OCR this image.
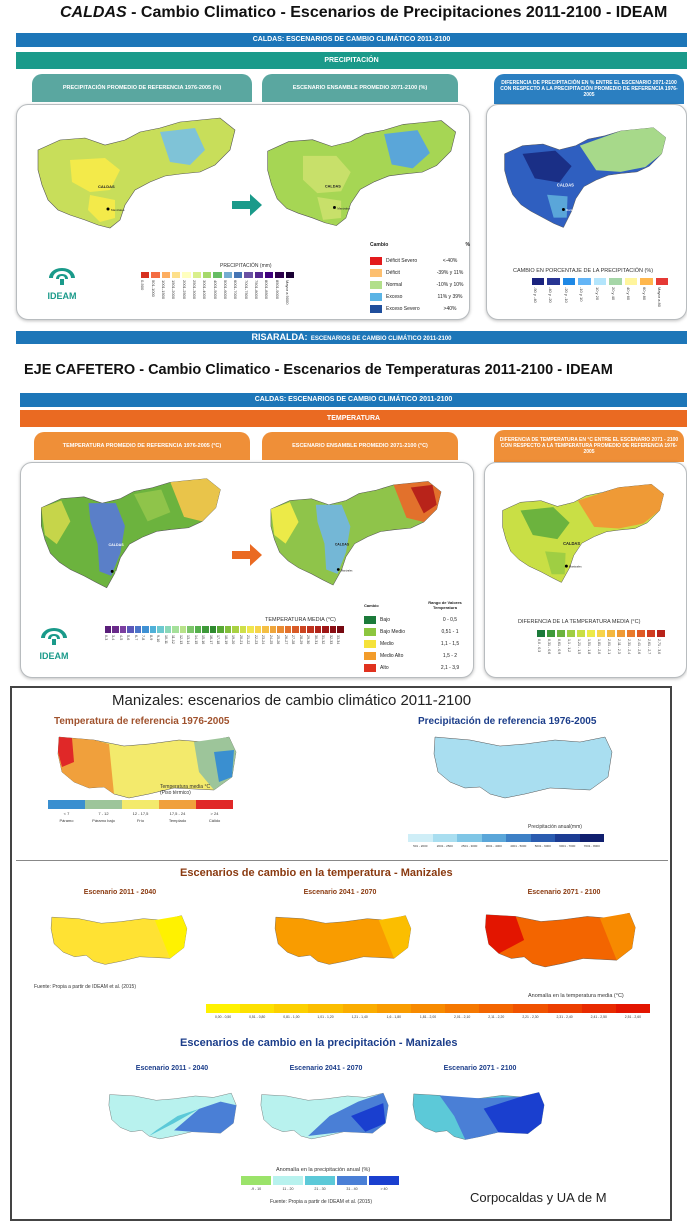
CALDAS - Cambio Climatico - Escenarios de Precipitaciones 2011-2100 - IDEAM
CALDAS: ESCENARIOS DE CAMBIO CLIMÁTICO 2011-2100
PRECIPITACIÓN
PRECIPITACIÓN PROMEDIO DE REFERENCIA 1976-2005 (%)	ESCENARIO ENSAMBLE PROMEDIO 2071-2100 (%)
DIFERENCIA DE PRECIPITACIÓN EN % ENTRE EL ESCENARIO 2071-2100 CON RESPECTO A LA PRECIPITACIÓN PROMEDIO DE REFERENCIA 1976-2005
CALDAS
Manizales
CALDAS
Manizales
CALDAS
Manizales
IDEAM
PRECIPITACIÓN (mm)
0-500 501-1000 1001-1500 1501-2000 2001-2500 2501-3000 3001-4000 4001-5000 5001-6000 6001-7000 7001-7500 7501-8000 8001-8500 8501-9000 Mayor a 9000
Cambio	%
Déficit Severo	<-40%
Déficit	-39% y 11%
Normal	-10% y 10%
Exceso	11% y 39%
Exceso Severo	>40%
CAMBIO EN PORCENTAJE DE LA PRECIPITACIÓN (%)
-90 y -40	-40 y -20	-20 y -10	-10 y 10	10 y 20	20 y 40	40 y 60	60 y 80	Mayor a 80
RISARALDA: ESCENARIOS DE CAMBIO CLIMÁTICO 2011-2100
EJE CAFETERO - Cambio Climatico - Escenarios de Temperaturas 2011-2100 - IDEAM
CALDAS: ESCENARIOS DE CAMBIO CLIMÁTICO 2011-2100
TEMPERATURA
TEMPERATURA PROMEDIO DE REFERENCIA 1976-2005 (°C)	ESCENARIO ENSAMBLE PROMEDIO 2071-2100 (°C)
DIFERENCIA DE TEMPERATURA EN °C ENTRE EL ESCENARIO 2071 - 2100 CON RESPECTO A LA TEMPERATURA PROMEDIO DE REFERENCIA 1976-2005
CALDAS
Manizales
CALDAS
Manizales
CALDAS
Manizales
IDEAM
TEMPERATURA MEDIA (°C)
0-3 3-4 4-5 5-6 6-7 7-8 8-9 9-10 10-11 11-12 12-13 13-14 14-15 15-16 16-17 17-18 18-19 19-20 20-21 21-22 22-23 23-24 24-25 25-26 26-27 27-28 28-29 29-30 30-31 31-32 32-33 33-34
Cambio	Rango de Valores Temperatura
Bajo	0 - 0,5
Bajo Medio	0,51 - 1
Medio	1,1 - 1,5
Medio Alto	1,5 - 2
Alto	2,1 - 3,9
DIFERENCIA DE LA TEMPERATURA MEDIA (°C)
0,0 - 0,3 0,31 - 0,6 0,61 - 0,9 1,1 - 1,2 1,21 - 1,5 1,51 - 1,8 1,81 - 2,0 2,01 - 2,1 2,11 - 2,3 2,31 - 2,4 2,41 - 2,6 2,61 - 2,7 2,71 - 3,0
Manizales: escenarios de cambio climático 2011-2100
Temperatura de referencia 1976-2005
Temperatura media °C (Piso térmico)
< 7
Páramo
7 - 12
Páramo bajo
12 - 17,5
Frío
17,5 - 24
Templado
> 24
Cálido
Precipitación de referencia 1976-2005
Precipitación anual(mm)
501 - 2000	2001 - 2500	2501 - 3000	3001 - 4000	4001 - 5000	5001 - 6000	6001 - 7000	7001 - 8000
Escenarios de cambio en la temperatura - Manizales
Escenario 2011 - 2040	Escenario 2041 - 2070	Escenario 2071 - 2100
Fuente: Propia a partir de IDEAM et al. (2015)
Anomalía en la temperatura media (°C)
0,00 - 0,50	0,51 - 0,80	0,81 - 1,00	1,01 - 1,20	1,21 - 1,40	1,6 - 1,80	1,81 - 2,00	2,01 - 2,10	2,11 - 2,20	2,21 - 2,30	2,31 - 2,40	2,41 - 2,50	2,51 - 2,60
Escenarios de cambio en la precipitación - Manizales
Escenario 2011 - 2040	Escenario 2041 - 2070	Escenario 2071 - 2100
Anomalía en la precipitación anual (%)
-9 - 10	11 - 20	21 - 30	31 - 40	> 40
Fuente: Propia a partir de IDEAM et al. (2015)	Corpocaldas y UA de M
